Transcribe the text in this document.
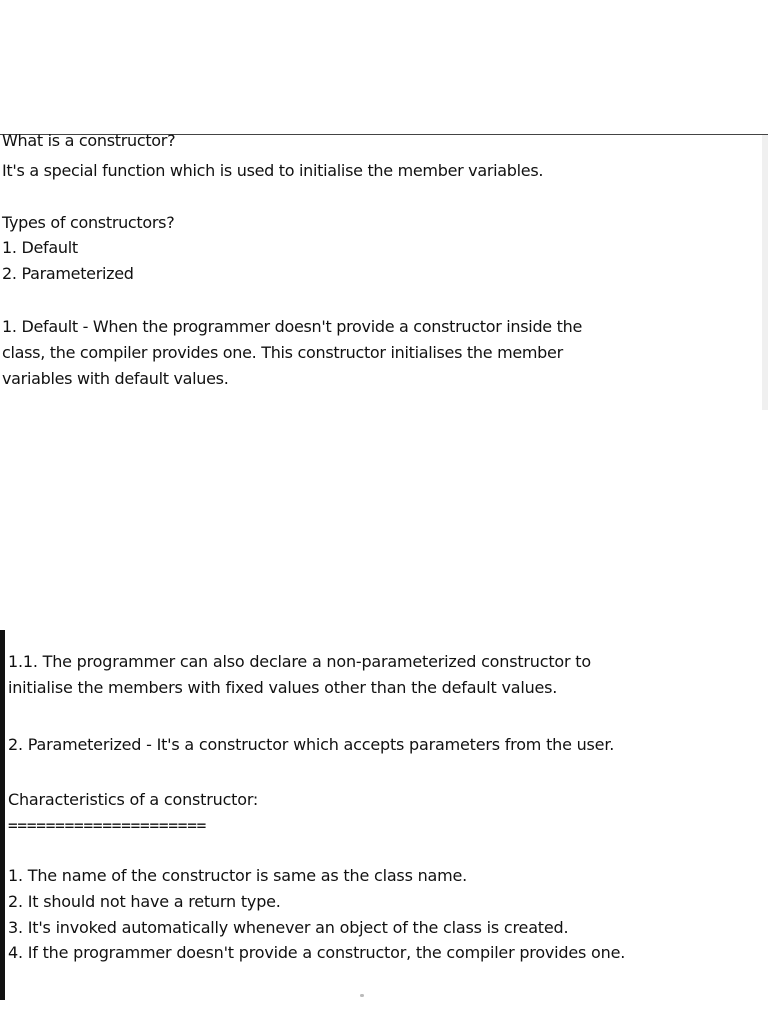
What is a constructor?
It's a special function which is used to initialise the member variables.
Types of constructors?
1. Default
2. Parameterized
1. Default - When the programmer doesn't provide a constructor inside the
class, the compiler provides one. This constructor initialises the member
variables with default values.
1.1. The programmer can also declare a non-parameterized constructor to
initialise the members with fixed values other than the default values.
2. Parameterized - It's a constructor which accepts parameters from the user.
Characteristics of a constructor:
=====================
1. The name of the constructor is same as the class name.
2. It should not have a return type.
3. It's invoked automatically whenever an object of the class is created.
4. If the programmer doesn't provide a constructor, the compiler provides one.
